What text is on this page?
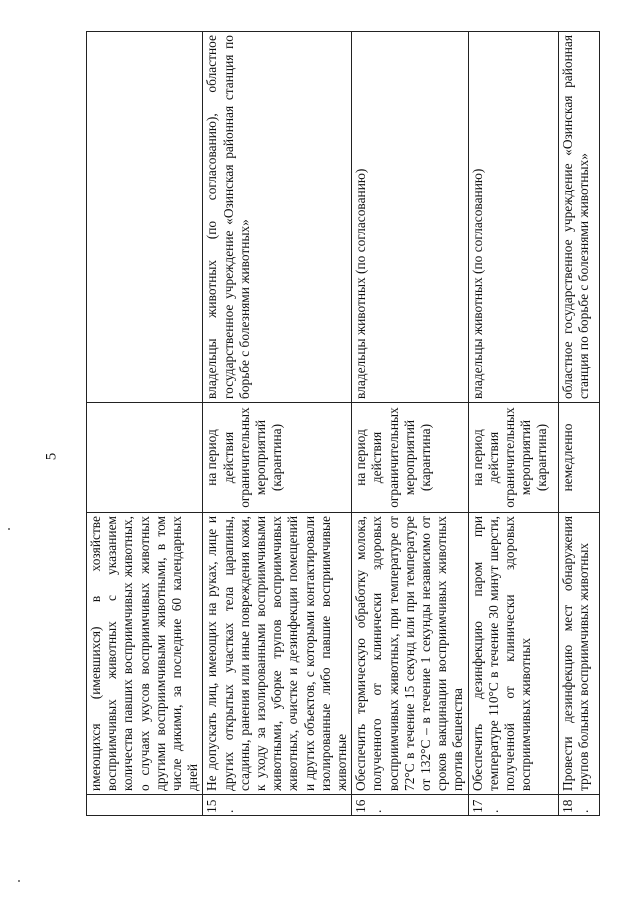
5
	имеющихся (имевшихся) в хозяйстве восприимчивых животных с указанием количества павших восприимчивых животных, о случаях укусов восприимчивых животных другими восприимчивыми животными, в том числе дикими, за последние 60 календарных дней		
15.	Не допускать лиц, имеющих на руках, лице и других открытых участках тела царапины, ссадины, ранения или иные повреждения кожи, к уходу за изолированными восприимчивыми животными, уборке трупов восприимчивых животных, очистке и дезинфекции помещений и других объектов, с которыми контактировали изолированные либо павшие восприимчивые животные	на период действия ограничительных мероприятий (карантина)	владельцы животных (по согласованию), областное государственное учреждение «Озинская районная станция по борьбе с болезнями животных»
16.	Обеспечить термическую обработку молока, полученного от клинически здоровых восприимчивых животных, при температуре от 72°С в течение 15 секунд или при температуре от 132°С – в течение 1 секунды независимо от сроков вакцинации восприимчивых животных против бешенства	на период действия ограничительных мероприятий (карантина)	владельцы животных (по согласованию)
17.	Обеспечить дезинфекцию паром при температуре 110°С в течение 30 минут шерсти, полученной от клинически здоровых восприимчивых животных	на период действия ограничительных мероприятий (карантина)	владельцы животных (по согласованию)
18.	Провести дезинфекцию мест обнаружения трупов больных восприимчивых животных	немедленно	областное государственное учреждение «Озинская районная станция по борьбе с болезнями животных»
